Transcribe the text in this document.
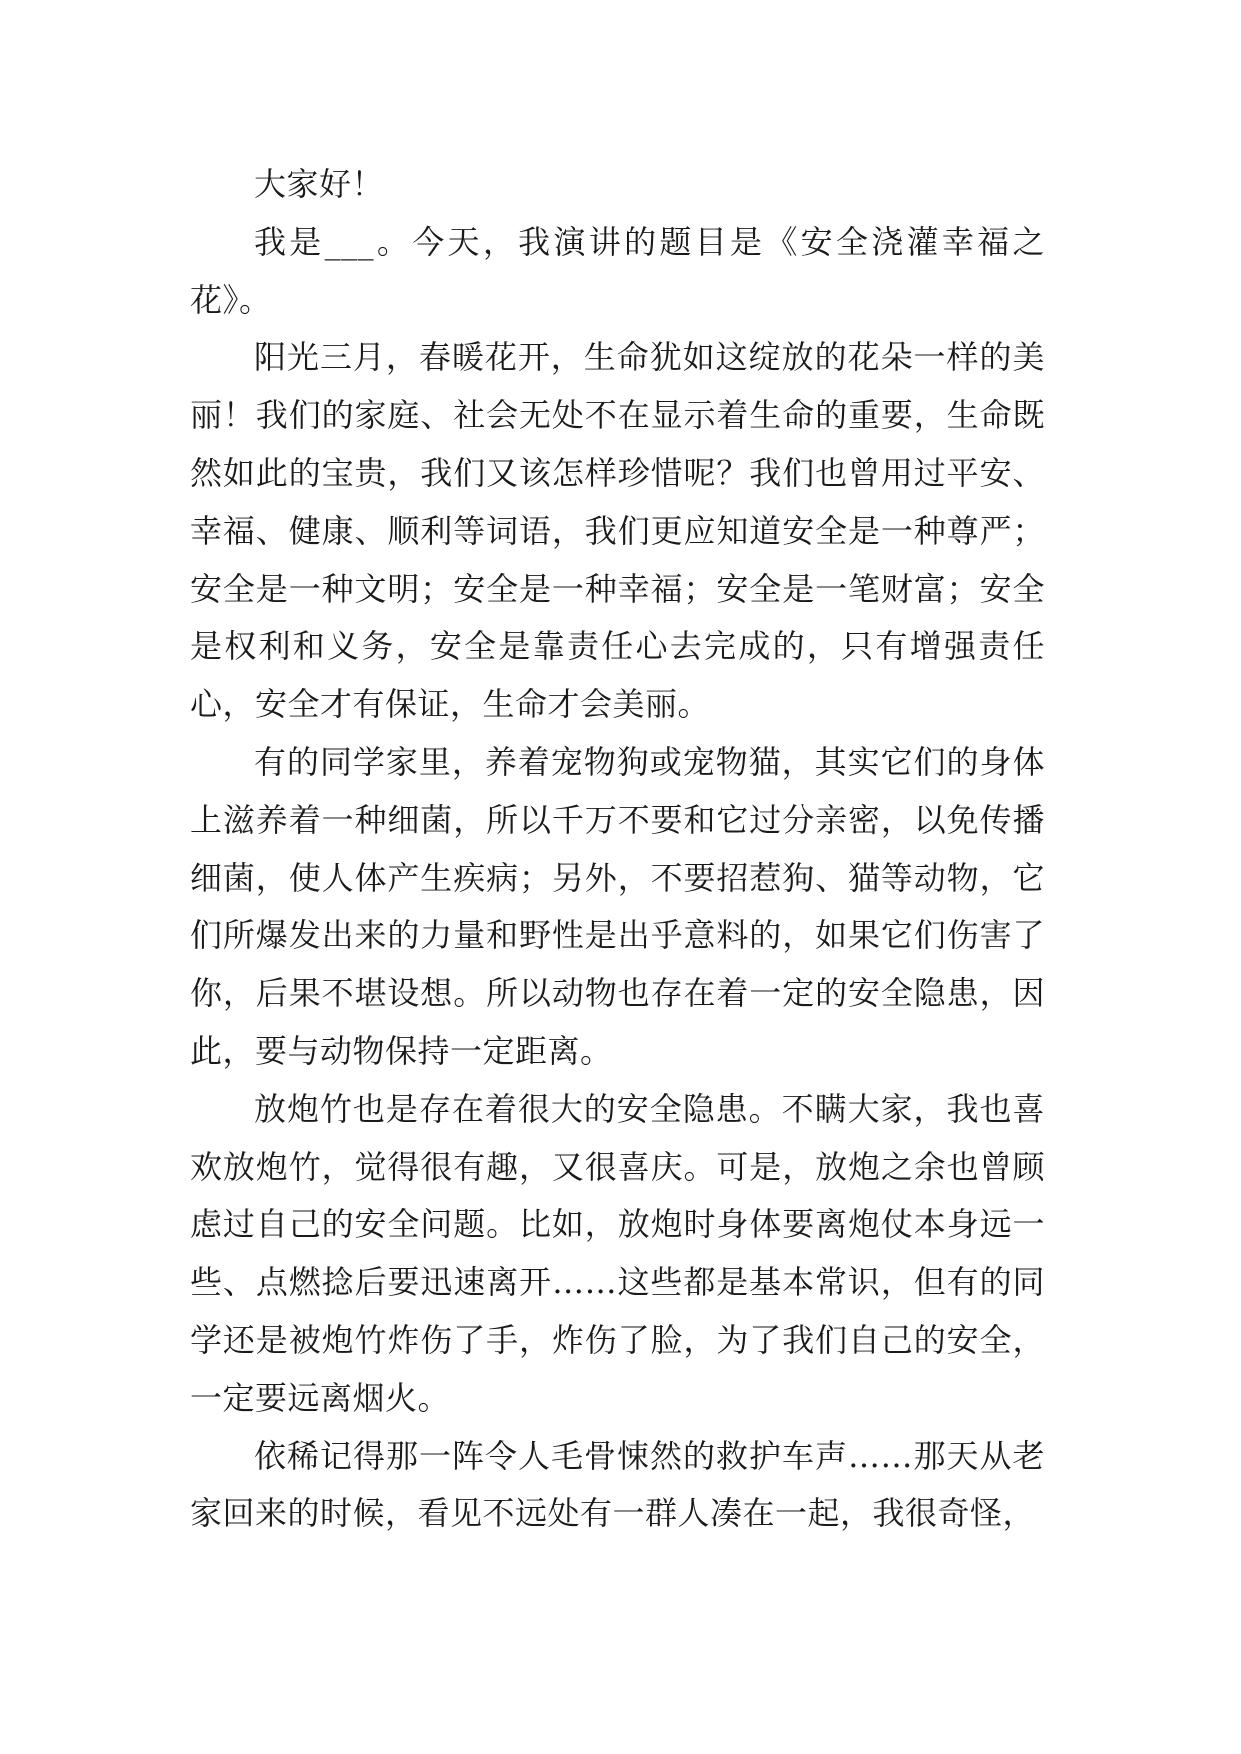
大家好！

我是___。今天，我演讲的题目是《安全浇灌幸福之花》。

阳光三月，春暖花开，生命犹如这绽放的花朵一样的美丽！我们的家庭、社会无处不在显示着生命的重要，生命既然如此的宝贵，我们又该怎样珍惜呢？我们也曾用过平安、幸福、健康、顺利等词语，我们更应知道安全是一种尊严；安全是一种文明；安全是一种幸福；安全是一笔财富；安全是权利和义务，安全是靠责任心去完成的，只有增强责任心，安全才有保证，生命才会美丽。

有的同学家里，养着宠物狗或宠物猫，其实它们的身体上滋养着一种细菌，所以千万不要和它过分亲密，以免传播细菌，使人体产生疾病；另外，不要招惹狗、猫等动物，它们所爆发出来的力量和野性是出乎意料的，如果它们伤害了你，后果不堪设想。所以动物也存在着一定的安全隐患，因此，要与动物保持一定距离。

放炮竹也是存在着很大的安全隐患。不瞒大家，我也喜欢放炮竹，觉得很有趣，又很喜庆。可是，放炮之余也曾顾虑过自己的安全问题。比如，放炮时身体要离炮仗本身远一些、点燃捻后要迅速离开……这些都是基本常识，但有的同学还是被炮竹炸伤了手，炸伤了脸，为了我们自己的安全，一定要远离烟火。

依稀记得那一阵令人毛骨悚然的救护车声……那天从老家回来的时候，看见不远处有一群人凑在一起，我很奇怪，
